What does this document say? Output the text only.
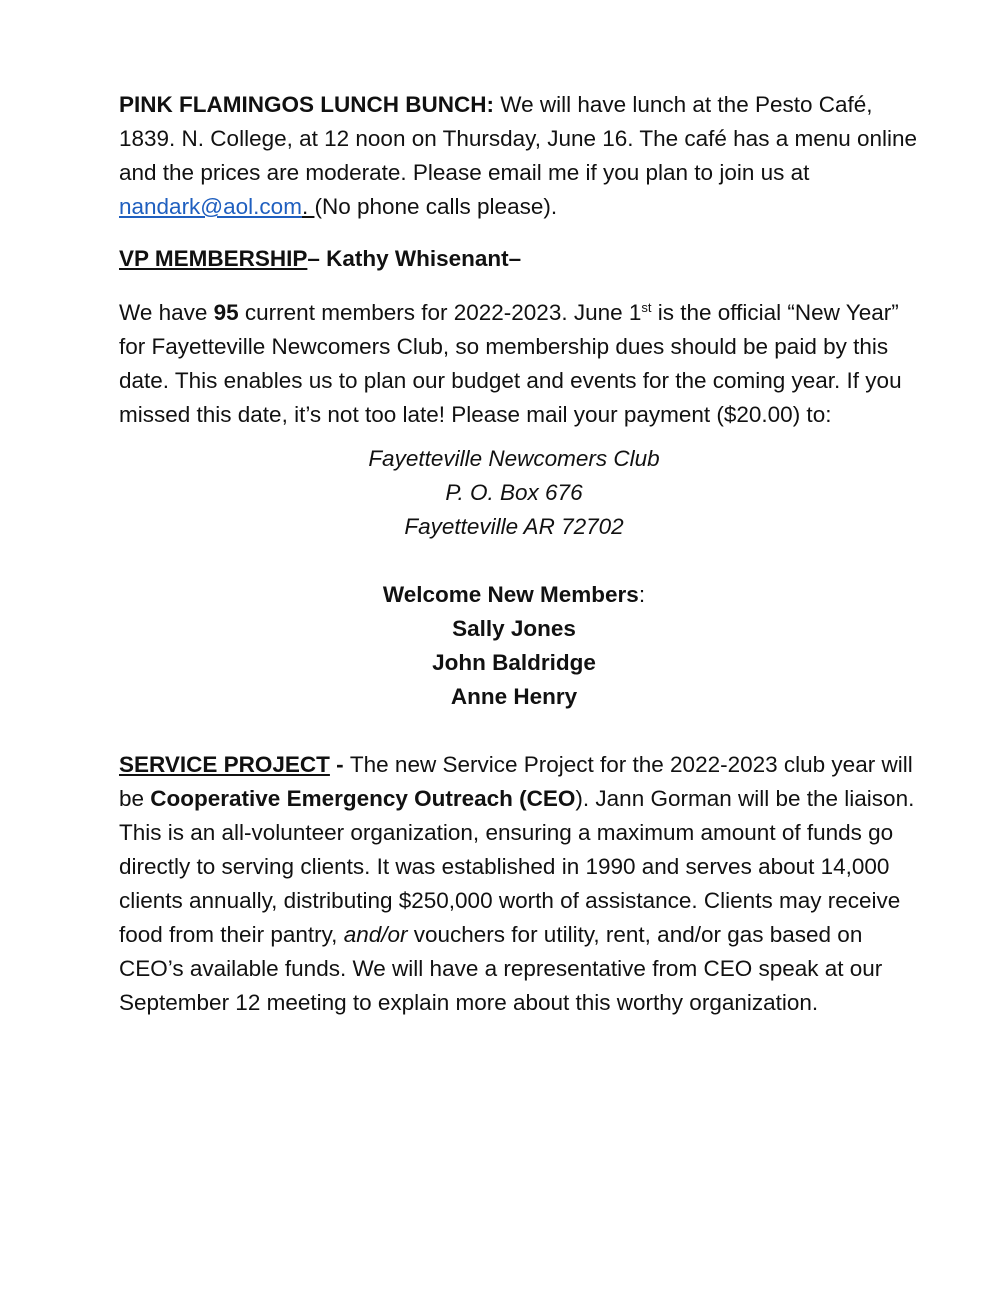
PINK FLAMINGOS LUNCH BUNCH: We will have lunch at the Pesto Café, 1839. N. College, at 12 noon on Thursday, June 16. The café has a menu online and the prices are moderate. Please email me if you plan to join us at nandark@aol.com. (No phone calls please).

VP MEMBERSHIP– Kathy Whisenant–

We have 95 current members for 2022-2023. June 1st is the official “New Year” for Fayetteville Newcomers Club, so membership dues should be paid by this date. This enables us to plan our budget and events for the coming year. If you missed this date, it’s not too late! Please mail your payment ($20.00) to:

Fayetteville Newcomers Club
P. O. Box 676
Fayetteville AR 72702
Welcome New Members:
Sally Jones
John Baldridge
Anne Henry

SERVICE PROJECT - The new Service Project for the 2022-2023 club year will be Cooperative Emergency Outreach (CEO). Jann Gorman will be the liaison. This is an all-volunteer organization, ensuring a maximum amount of funds go directly to serving clients. It was established in 1990 and serves about 14,000 clients annually, distributing $250,000 worth of assistance. Clients may receive food from their pantry, and/or vouchers for utility, rent, and/or gas based on CEO’s available funds. We will have a representative from CEO speak at our September 12 meeting to explain more about this worthy organization.
